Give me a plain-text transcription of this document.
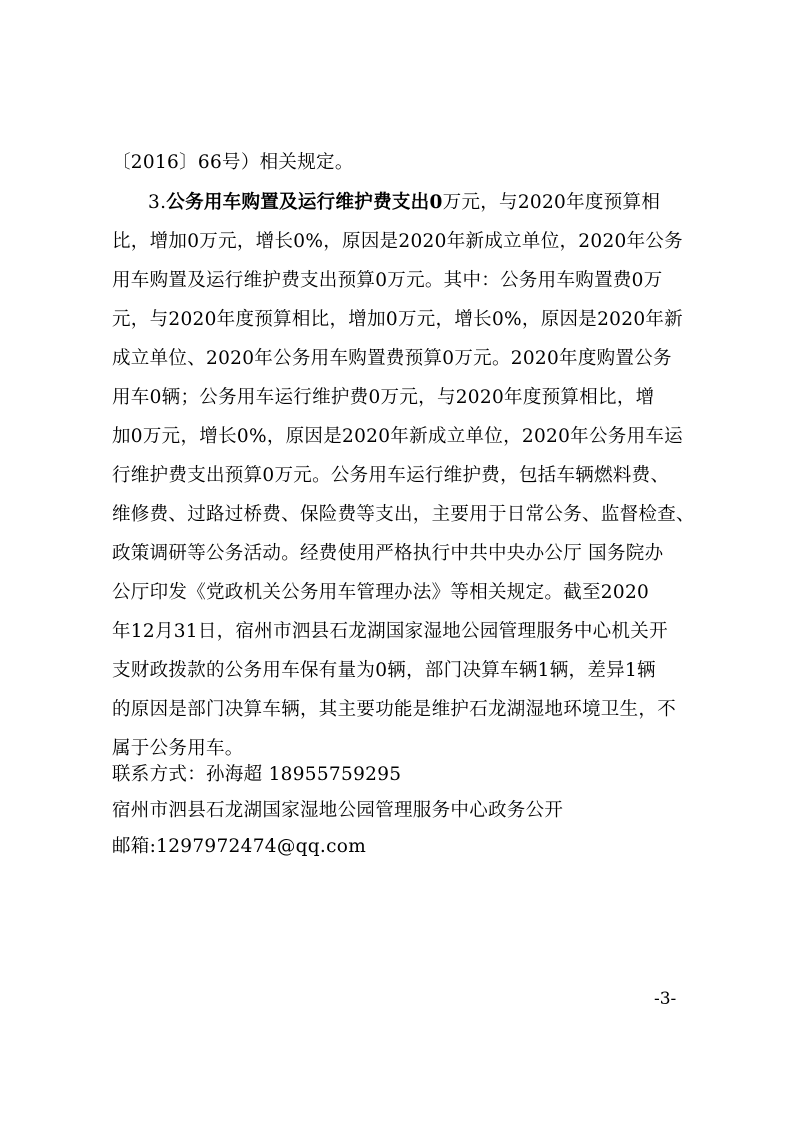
〔2016〕66号）相关规定。
3.公务用车购置及运行维护费支出0万元，与2020年度预算相
比，增加0万元，增长0%，原因是2020年新成立单位，2020年公务
用车购置及运行维护费支出预算0万元。其中：公务用车购置费0万
元，与2020年度预算相比，增加0万元，增长0%，原因是2020年新
成立单位、2020年公务用车购置费预算0万元。2020年度购置公务
用车0辆；公务用车运行维护费0万元，与2020年度预算相比，增
加0万元，增长0%，原因是2020年新成立单位，2020年公务用车运
行维护费支出预算0万元。公务用车运行维护费，包括车辆燃料费、
维修费、过路过桥费、保险费等支出，主要用于日常公务、监督检查、
政策调研等公务活动。经费使用严格执行中共中央办公厅 国务院办
公厅印发《党政机关公务用车管理办法》等相关规定。截至2020
年12月31日，宿州市泗县石龙湖国家湿地公园管理服务中心机关开
支财政拨款的公务用车保有量为0辆，部门决算车辆1辆，差异1辆
的原因是部门决算车辆，其主要功能是维护石龙湖湿地环境卫生，不
属于公务用车。
联系方式：孙海超 18955759295
宿州市泗县石龙湖国家湿地公园管理服务中心政务公开
邮箱:1297972474@qq.com
-3-
